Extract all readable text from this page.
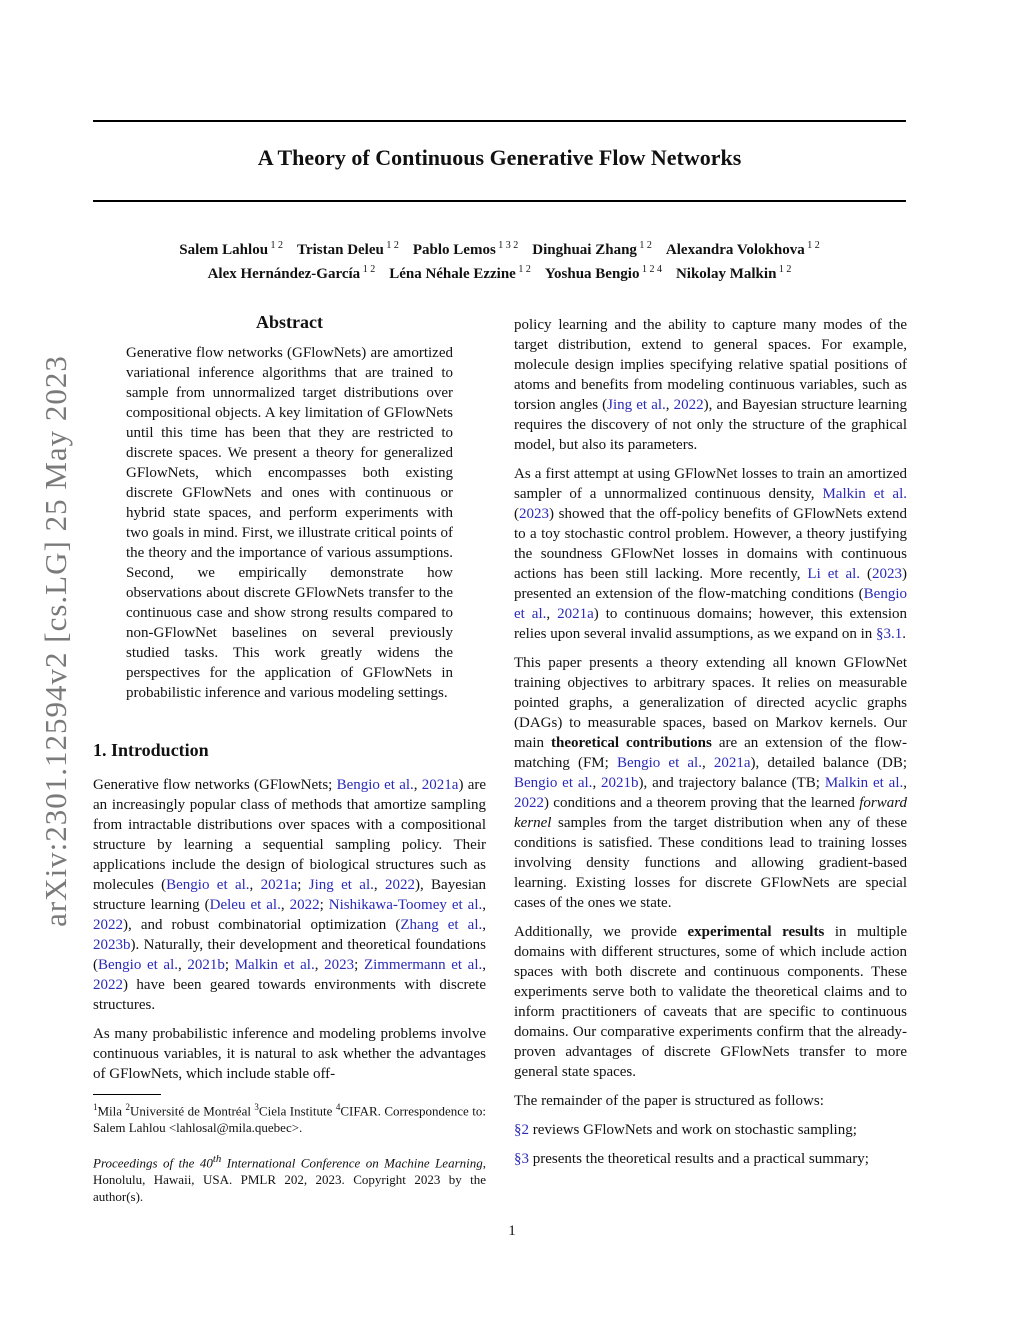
A Theory of Continuous Generative Flow Networks
Salem Lahlou $^{1 2}$ Tristan Deleu $^{1 2}$ Pablo Lemos $^{1 3 2}$ Dinghuai Zhang $^{1 2}$ Alexandra Volokhova $^{1 2}$
Alex Hernández-García $^{1 2}$ Léna Néhale Ezzine $^{1 2}$ Yoshua Bengio $^{1 2 4}$ Nikolay Malkin $^{1 2}$
arXiv:2301.12594v2 [cs.LG] 25 May 2023
Abstract
Generative flow networks (GFlowNets) are amortized variational inference algorithms that are trained to sample from unnormalized target distributions over compositional objects. A key limitation of GFlowNets until this time has been that they are restricted to discrete spaces. We present a theory for generalized GFlowNets, which encompasses both existing discrete GFlowNets and ones with continuous or hybrid state spaces, and perform experiments with two goals in mind. First, we illustrate critical points of the theory and the importance of various assumptions. Second, we empirically demonstrate how observations about discrete GFlowNets transfer to the continuous case and show strong results compared to non-GFlowNet baselines on several previously studied tasks. This work greatly widens the perspectives for the application of GFlowNets in probabilistic inference and various modeling settings.
1. Introduction

Generative flow networks (GFlowNets; Bengio et al., 2021a) are an increasingly popular class of methods that amortize sampling from intractable distributions over spaces with a compositional structure by learning a sequential sampling policy. Their applications include the design of biological structures such as molecules (Bengio et al., 2021a; Jing et al., 2022), Bayesian structure learning (Deleu et al., 2022; Nishikawa-Toomey et al., 2022), and robust combinatorial optimization (Zhang et al., 2023b). Naturally, their development and theoretical foundations (Bengio et al., 2021b; Malkin et al., 2023; Zimmermann et al., 2022) have been geared towards environments with discrete structures.

As many probabilistic inference and modeling problems involve continuous variables, it is natural to ask whether the advantages of GFlowNets, which include stable off-

$^1$Mila $^2$Université de Montréal $^3$Ciela Institute $^4$CIFAR. Correspondence to: Salem Lahlou <lahlosal@mila.quebec>.
Proceedings of the 40th International Conference on Machine Learning, Honolulu, Hawaii, USA. PMLR 202, 2023. Copyright 2023 by the author(s).

policy learning and the ability to capture many modes of the target distribution, extend to general spaces. For example, molecule design implies specifying relative spatial positions of atoms and benefits from modeling continuous variables, such as torsion angles (Jing et al., 2022), and Bayesian structure learning requires the discovery of not only the structure of the graphical model, but also its parameters.

As a first attempt at using GFlowNet losses to train an amortized sampler of a unnormalized continuous density, Malkin et al. (2023) showed that the off-policy benefits of GFlowNets extend to a toy stochastic control problem. However, a theory justifying the soundness GFlowNet losses in domains with continuous actions has been still lacking. More recently, Li et al. (2023) presented an extension of the flow-matching conditions (Bengio et al., 2021a) to continuous domains; however, this extension relies upon several invalid assumptions, as we expand on in §3.1.

This paper presents a theory extending all known GFlowNet training objectives to arbitrary spaces. It relies on measurable pointed graphs, a generalization of directed acyclic graphs (DAGs) to measurable spaces, based on Markov kernels. Our main theoretical contributions are an extension of the flow-matching (FM; Bengio et al., 2021a), detailed balance (DB; Bengio et al., 2021b), and trajectory balance (TB; Malkin et al., 2022) conditions and a theorem proving that the learned forward kernel samples from the target distribution when any of these conditions is satisfied. These conditions lead to training losses involving density functions and allowing gradient-based learning. Existing losses for discrete GFlowNets are special cases of the ones we state.

Additionally, we provide experimental results in multiple domains with different structures, some of which include action spaces with both discrete and continuous components. These experiments serve both to validate the theoretical claims and to inform practitioners of caveats that are specific to continuous domains. Our comparative experiments confirm that the already-proven advantages of discrete GFlowNets transfer to more general state spaces.

The remainder of the paper is structured as follows:

§2 reviews GFlowNets and work on stochastic sampling;

§3 presents the theoretical results and a practical summary;

1
